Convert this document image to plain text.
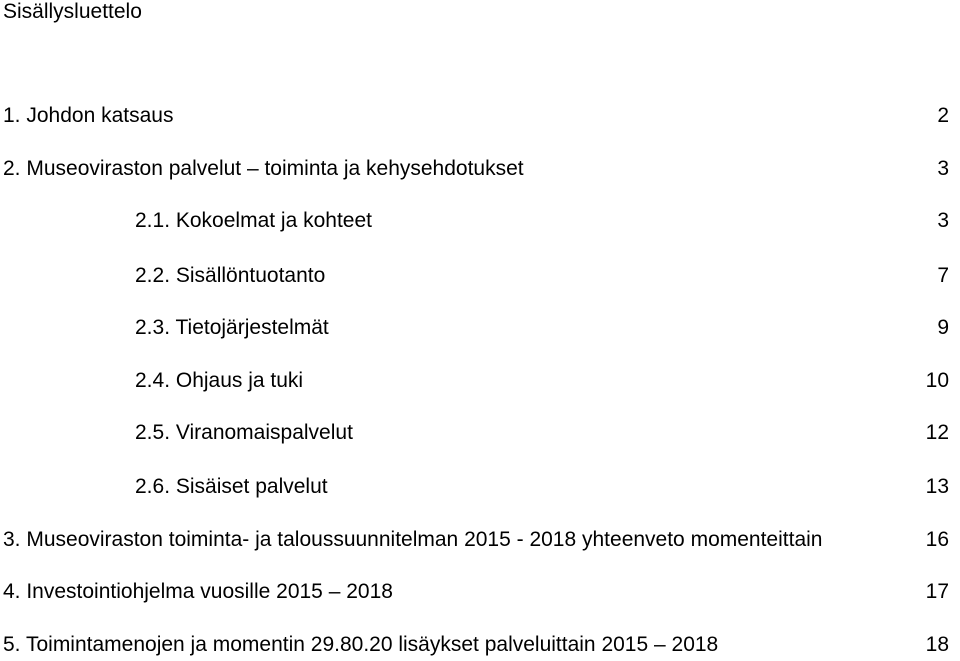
Sisällysluettelo
1. Johdon katsaus	2
2. Museoviraston palvelut – toiminta ja kehysehdotukset	3
2.1. Kokoelmat ja kohteet	3
2.2. Sisällöntuotanto	7
2.3. Tietojärjestelmät	9
2.4. Ohjaus ja tuki	10
2.5. Viranomaispalvelut	12
2.6. Sisäiset palvelut	13
3. Museoviraston toiminta- ja taloussuunnitelman 2015 - 2018 yhteenveto momenteittain	16
4. Investointiohjelma vuosille 2015 – 2018	17
5. Toimintamenojen ja momentin 29.80.20 lisäykset palveluittain 2015 – 2018	18
